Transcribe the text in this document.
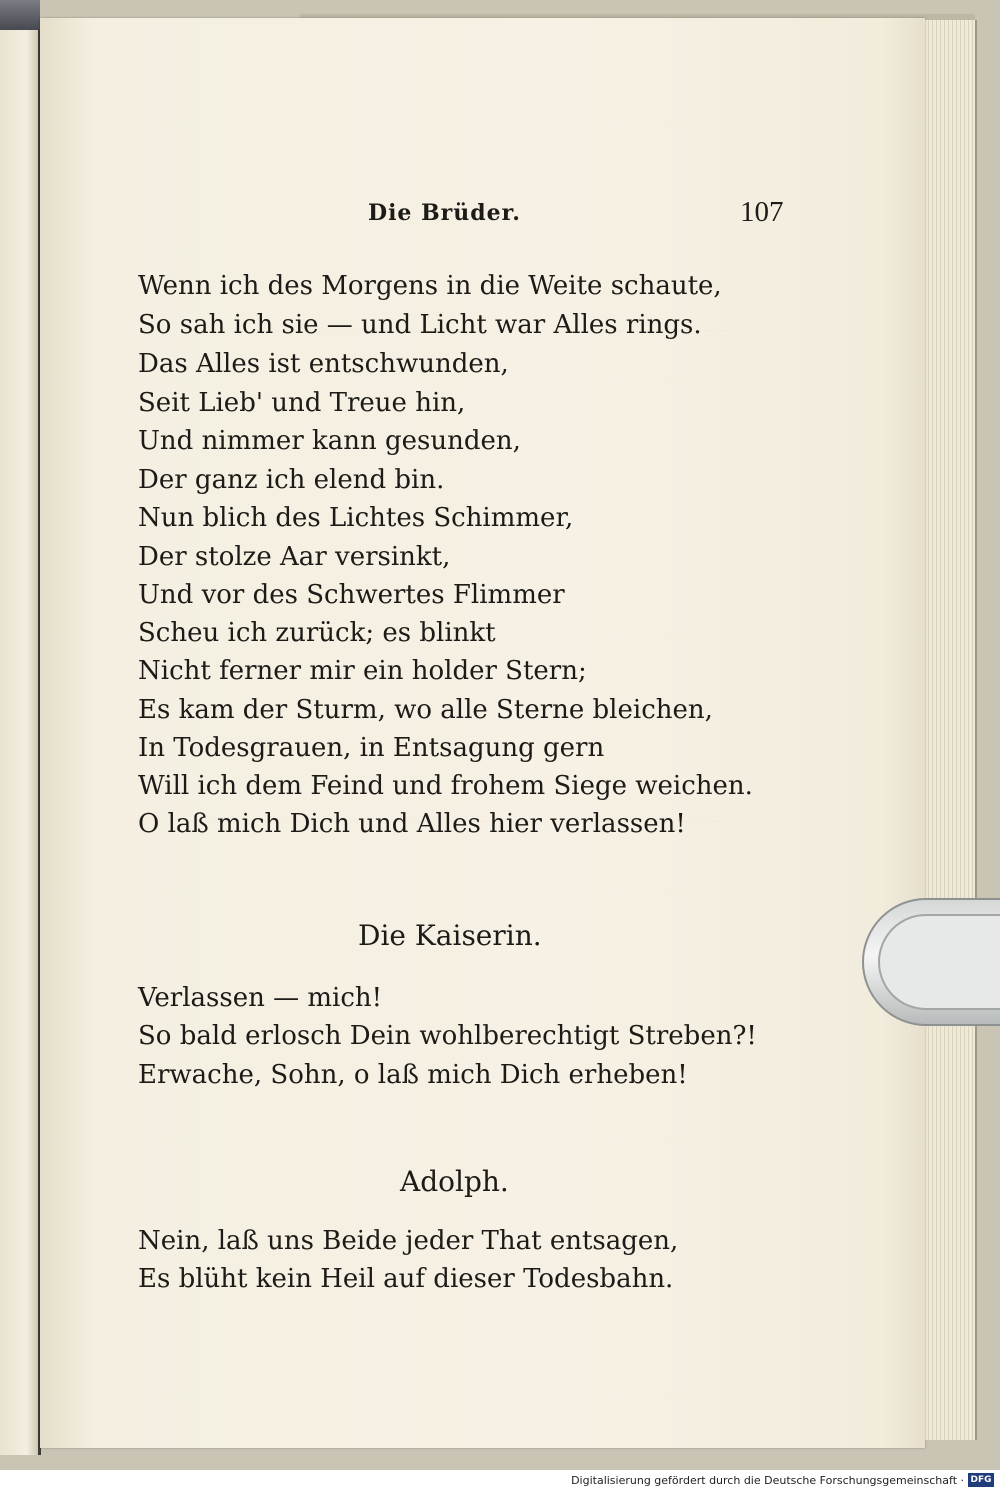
Die Brüder.	107
Wenn ich des Morgens in die Weite schaute,
So sah ich sie — und Licht war Alles rings.
Das Alles ist entschwunden,
Seit Lieb' und Treue hin,
Und nimmer kann gesunden,
Der ganz ich elend bin.
Nun blich des Lichtes Schimmer,
Der stolze Aar versinkt,
Und vor des Schwertes Flimmer
Scheu ich zurück; es blinkt
Nicht ferner mir ein holder Stern;
Es kam der Sturm, wo alle Sterne bleichen,
In Todesgrauen, in Entsagung gern
Will ich dem Feind und frohem Siege weichen.
O laß mich Dich und Alles hier verlassen!
Die Kaiserin.
Verlassen — mich!
So bald erlosch Dein wohlberechtigt Streben?!
Erwache, Sohn, o laß mich Dich erheben!
Adolph.
Nein, laß uns Beide jeder That entsagen,
Es blüht kein Heil auf dieser Todesbahn.
Digitalisierung gefördert durch die Deutsche Forschungsgemeinschaft · DFG
